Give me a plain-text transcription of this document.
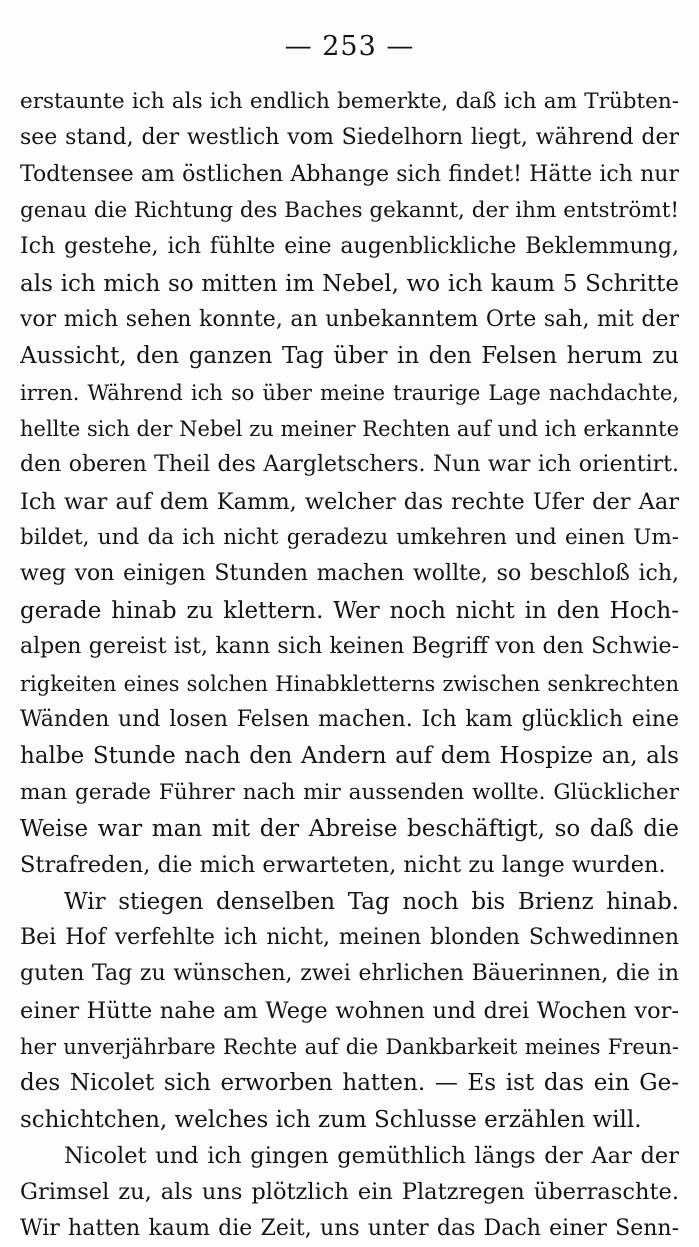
— 253 —
erstaunte ich als ich endlich bemerkte, daß ich am Trübten-
see stand, der westlich vom Siedelhorn liegt, während der
Todtensee am östlichen Abhange sich findet! Hätte ich nur
genau die Richtung des Baches gekannt, der ihm entströmt!
Ich gestehe, ich fühlte eine augenblickliche Beklemmung,
als ich mich so mitten im Nebel, wo ich kaum 5 Schritte
vor mich sehen konnte, an unbekanntem Orte sah, mit der
Aussicht, den ganzen Tag über in den Felsen herum zu
irren. Während ich so über meine traurige Lage nachdachte,
hellte sich der Nebel zu meiner Rechten auf und ich erkannte
den oberen Theil des Aargletschers. Nun war ich orientirt.
Ich war auf dem Kamm, welcher das rechte Ufer der Aar
bildet, und da ich nicht geradezu umkehren und einen Um-
weg von einigen Stunden machen wollte, so beschloß ich,
gerade hinab zu klettern. Wer noch nicht in den Hoch-
alpen gereist ist, kann sich keinen Begriff von den Schwie-
rigkeiten eines solchen Hinabkletterns zwischen senkrechten
Wänden und losen Felsen machen. Ich kam glücklich eine
halbe Stunde nach den Andern auf dem Hospize an, als
man gerade Führer nach mir aussenden wollte. Glücklicher
Weise war man mit der Abreise beschäftigt, so daß die
Strafreden, die mich erwarteten, nicht zu lange wurden.
Wir stiegen denselben Tag noch bis Brienz hinab.
Bei Hof verfehlte ich nicht, meinen blonden Schwedinnen
guten Tag zu wünschen, zwei ehrlichen Bäuerinnen, die in
einer Hütte nahe am Wege wohnen und drei Wochen vor-
her unverjährbare Rechte auf die Dankbarkeit meines Freun-
des Nicolet sich erworben hatten. — Es ist das ein Ge-
schichtchen, welches ich zum Schlusse erzählen will.
Nicolet und ich gingen gemüthlich längs der Aar der
Grimsel zu, als uns plötzlich ein Platzregen überraschte.
Wir hatten kaum die Zeit, uns unter das Dach einer Senn-
